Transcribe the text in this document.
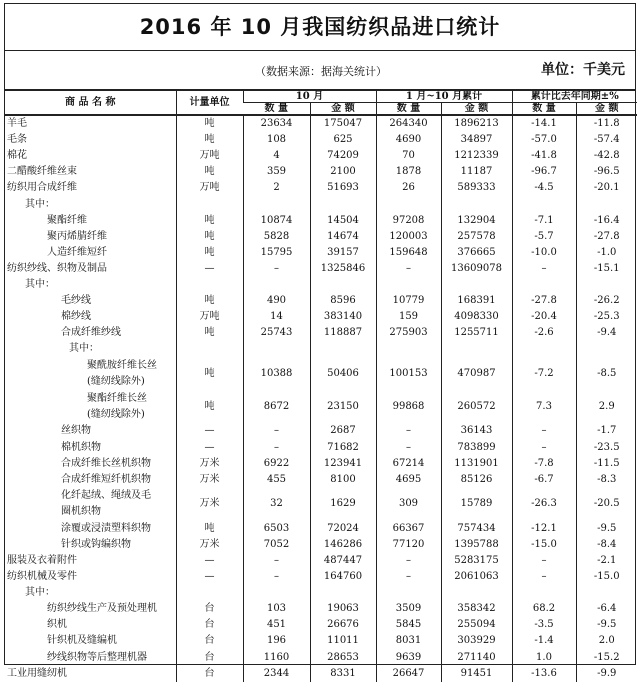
2016 年 10 月我国纺织品进口统计
（数据来源：据海关统计）	单位：千美元
商 品 名 称	计量单位	10 月		1 月~10 月累计		累计比去年同期±%	
		数 量	金 额	数 量	金 额	数 量	金 额

羊毛	吨	23634	175047	264340	1896213	-14.1	-11.8

毛条	吨	108	625	4690	34897	-57.0	-57.4

棉花	万吨	4	74209	70	1212339	-41.8	-42.8

二醋酸纤维丝束	吨	359	2100	1878	11187	-96.7	-96.5

纺织用合成纤维	万吨	2	51693	26	589333	-4.5	-20.1

其中：							

聚酯纤维	吨	10874	14504	97208	132904	-7.1	-16.4

聚丙烯腈纤维	吨	5828	14674	120003	257578	-5.7	-27.8

人造纤维短纤	吨	15795	39157	159648	376665	-10.0	-1.0

纺织纱线、织物及制品	—	–	1325846	–	13609078	–	-15.1

其中：							

毛纱线	吨	490	8596	10779	168391	-27.8	-26.2

棉纱线	万吨	14	383140	159	4098330	-20.4	-25.3

合成纤维纱线	吨	25743	118887	275903	1255711	-2.6	-9.4

其中：							

聚酰胺纤维长丝
(缝纫线除外)	吨	10388	50406	100153	470987	-7.2	-8.5

聚酯纤维长丝
(缝纫线除外)	吨	8672	23150	99868	260572	7.3	2.9

丝织物	—	–	2687	–	36143	–	-1.7

棉机织物	—	–	71682	–	783899	–	-23.5

合成纤维长丝机织物	万米	6922	123941	67214	1131901	-7.8	-11.5

合成纤维短纤机织物	万米	455	8100	4695	85126	-6.7	-8.3

化纤起绒、绳绒及毛
圈机织物	万米	32	1629	309	15789	-26.3	-20.5

涂覆或浸渍塑料织物	吨	6503	72024	66367	757434	-12.1	-9.5

针织或钩编织物	万米	7052	146286	77120	1395788	-15.0	-8.4

服装及衣着附件	—	–	487447	–	5283175	–	-2.1

纺织机械及零件	—	–	164760	–	2061063	–	-15.0

其中：							

纺织纱线生产及预处理机	台	103	19063	3509	358342	68.2	-6.4

织机	台	451	26676	5845	255094	-3.5	-9.5

针织机及缝编机	台	196	11011	8031	303929	-1.4	2.0

纱线织物等后整理机器	台	1160	28653	9639	271140	1.0	-15.2

工业用缝纫机	台	2344	8331	26647	91451	-13.6	-9.9
